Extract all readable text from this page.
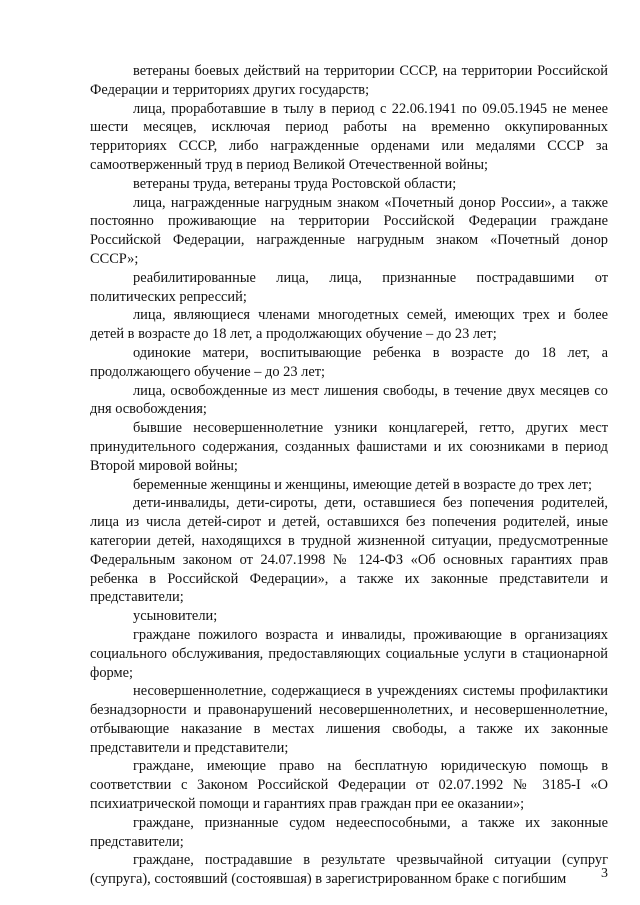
ветераны боевых действий на территории СССР, на территории Российской Федерации и территориях других государств;

лица, проработавшие в тылу в период с 22.06.1941 по 09.05.1945 не менее шести месяцев, исключая период работы на временно оккупированных территориях СССР, либо награжденные орденами или медалями СССР за самоотверженный труд в период Великой Отечественной войны;

ветераны труда, ветераны труда Ростовской области;

лица, награжденные нагрудным знаком «Почетный донор России», а также постоянно проживающие на территории Российской Федерации граждане Российской Федерации, награжденные нагрудным знаком «Почетный донор СССР»;

реабилитированные лица, лица, признанные пострадавшими от политических репрессий;

лица, являющиеся членами многодетных семей, имеющих трех и более детей в возрасте до 18 лет, а продолжающих обучение – до 23 лет;

одинокие матери, воспитывающие ребенка в возрасте до 18 лет, а продолжающего обучение – до 23 лет;

лица, освобожденные из мест лишения свободы, в течение двух месяцев со дня освобождения;

бывшие несовершеннолетние узники концлагерей, гетто, других мест принудительного содержания, созданных фашистами и их союзниками в период Второй мировой войны;

беременные женщины и женщины, имеющие детей в возрасте до трех лет;

дети-инвалиды, дети-сироты, дети, оставшиеся без попечения родителей, лица из числа детей-сирот и детей, оставшихся без попечения родителей, иные категории детей, находящихся в трудной жизненной ситуации, предусмотренные Федеральным законом от 24.07.1998 № 124-ФЗ «Об основных гарантиях прав ребенка в Российской Федерации», а также их законные представители и представители;

усыновители;

граждане пожилого возраста и инвалиды, проживающие в организациях социального обслуживания, предоставляющих социальные услуги в стационарной форме;

несовершеннолетние, содержащиеся в учреждениях системы профилактики безнадзорности и правонарушений несовершеннолетних, и несовершеннолетние, отбывающие наказание в местах лишения свободы, а также их законные представители и представители;

граждане, имеющие право на бесплатную юридическую помощь в соответствии с Законом Российской Федерации от 02.07.1992 № 3185-I «О психиатрической помощи и гарантиях прав граждан при ее оказании»;

граждане, признанные судом недееспособными, а также их законные представители;

граждане, пострадавшие в результате чрезвычайной ситуации (супруг (супруга), состоявший (состоявшая) в зарегистрированном браке с погибшим	3
